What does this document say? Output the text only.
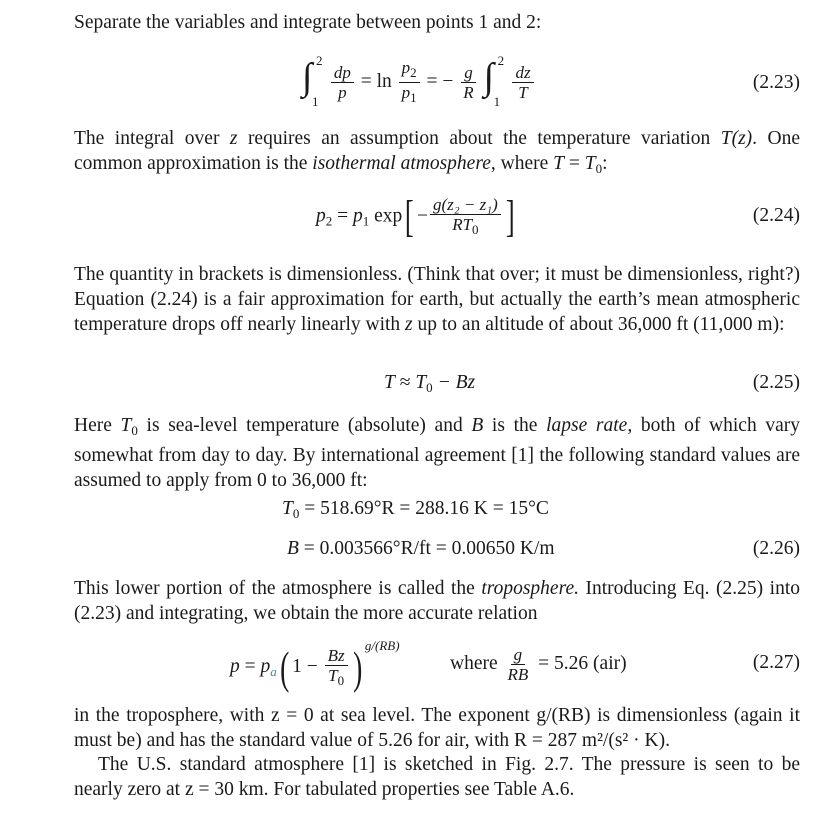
Separate the variables and integrate between points 1 and 2:

∫ 2
1
$\frac{dp}{p} = \ln \frac{p_2}{p_1}$ = − $\frac{g}{R}$
∫ 2
1
$\frac{dz}{T}$	(2.23)

The integral over z requires an assumption about the temperature variation T(z). One common approximation is the isothermal atmosphere, where $T = T_0$:

$p_2 = p_1$ $\exp[ - \frac{\text{g(z₂ − z₁)}}{RT_0}$ ]	(2.24)

The quantity in brackets is dimensionless. (Think that over; it must be dimensionless, right?) Equation (2.24) is a fair approximation for earth, but actually the earth’s mean atmospheric temperature drops off nearly linearly with z up to an altitude of about 36,000 ft (11,000 m):

$T \approx T_0 - Bz$	(2.25)

Here $T_0$ is sea-level temperature (absolute) and B is the lapse rate, both of which vary somewhat from day to day. By international agreement [1] the following standard values are assumed to apply from 0 to 36,000 ft:

$T_0 = 518.69^\circ R = 288.16$ K = 15°C
B = 0.003566°R/ft = 0.00650 K/m	(2.26)

This lower portion of the atmosphere is called the troposphere. Introducing Eq. (2.25) into (2.23) and integrating, we obtain the more accurate relation

$p = p_a$( $1 - \frac{Bz}{T_0}$ ) $^{g/(RB)}$
where $\frac{g}{RB} = 5.26$ (air)	(2.27)

in the troposphere, with z = 0 at sea level. The exponent g/(RB) is dimensionless (again it must be) and has the standard value of 5.26 for air, with R = 287 m²/(s² · K).

The U.S. standard atmosphere [1] is sketched in Fig. 2.7. The pressure is seen to be nearly zero at z = 30 km. For tabulated properties see Table A.6.
